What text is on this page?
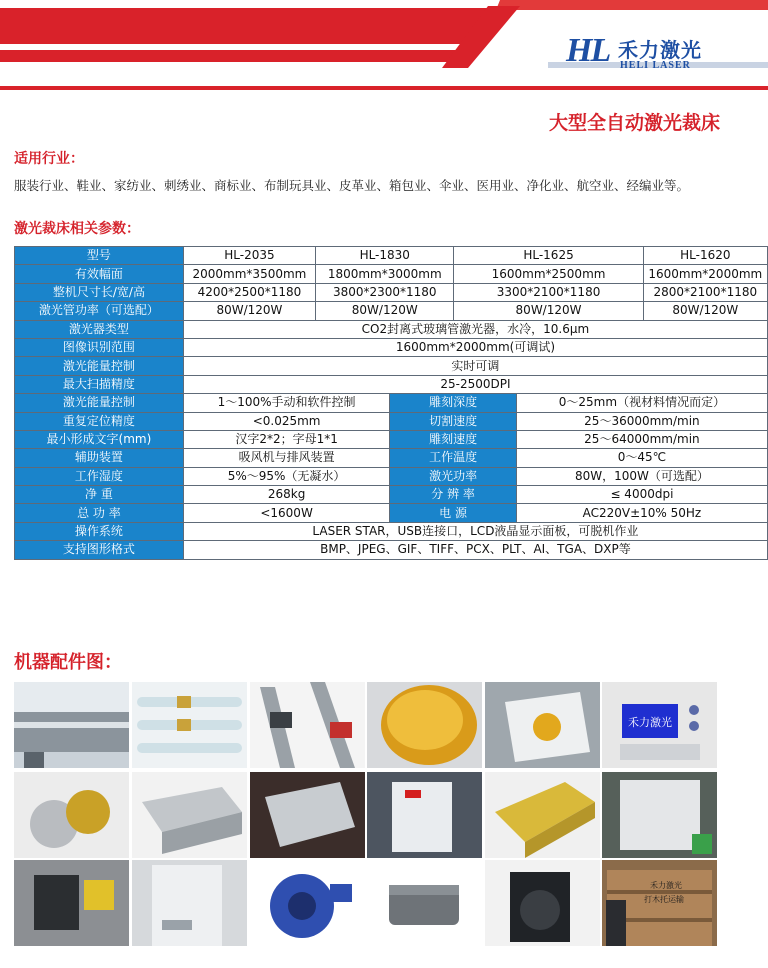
HL 禾力激光
HELI LASER
大型全自动激光裁床
适用行业：
服装行业、鞋业、家纺业、刺绣业、商标业、布制玩具业、皮革业、箱包业、伞业、医用业、净化业、航空业、经编业等。
激光裁床相关参数：
型号	HL-2035	HL-1830		HL-1625		HL-1620
有效幅面	2000mm*3500mm	1800mm*3000mm		1600mm*2500mm		1600mm*2000mm
整机尺寸长/宽/高	4200*2500*1180	3800*2300*1180		3300*2100*1180		2800*2100*1180
激光管功率（可选配）	80W/120W	80W/120W		80W/120W		80W/120W
激光器类型	CO2封离式玻璃管激光器，水冷，10.6μm					
图像识别范围	1600mm*2000mm(可调试)					
激光能量控制	实时可调					
最大扫描精度	25-2500DPI					
激光能量控制	1～100%手动和软件控制		雕刻深度		0～25mm（视材料情况而定）	
重复定位精度	<0.025mm		切割速度		25～36000mm/min	
最小形成文字(mm)	汉字2*2；字母1*1		雕刻速度		25～64000mm/min	
辅助装置	吸风机与排风装置		工作温度		0～45℃	
工作湿度	5%～95%（无凝水）		激光功率		80W，100W（可选配）	
净 重	268kg		分 辨 率		≤ 4000dpi	
总 功 率	<1600W		电 源		AC220V±10% 50Hz	
操作系统	LASER STAR，USB连接口，LCD液晶显示面板，可脱机作业					
支持图形格式	BMP、JPEG、GIF、TIFF、PCX、PLT、AI、TGA、DXP等					
机器配件图：
禾力激光
禾力激光
打木托运输
